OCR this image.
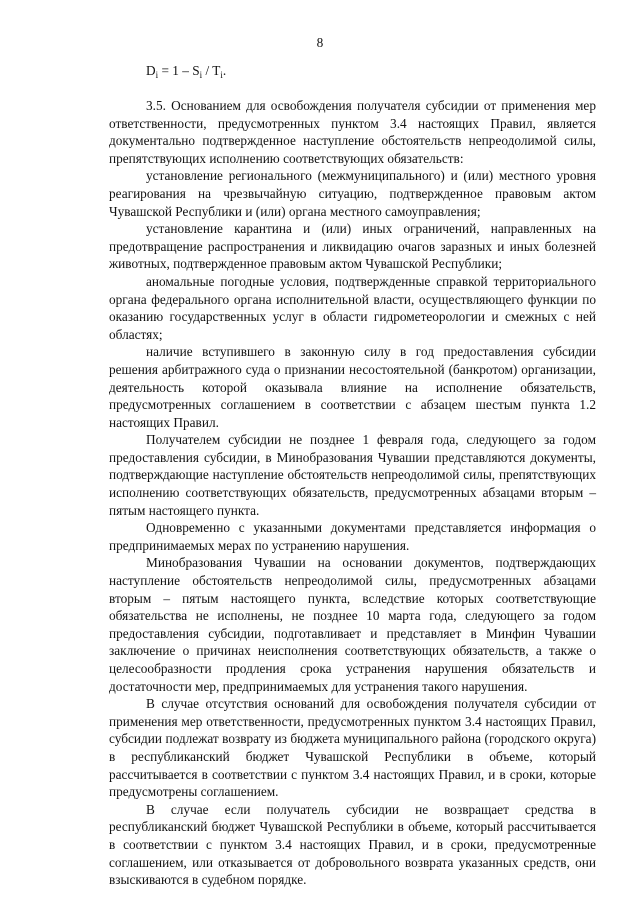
8
$D_i = 1 - S_i / T_i$.

3.5. Основанием для освобождения получателя субсидии от применения мер ответственности, предусмотренных пунктом 3.4 настоящих Правил, является документально подтвержденное наступление обстоятельств непреодолимой силы, препятствующих исполнению соответствующих обязательств:

установление регионального (межмуниципального) и (или) местного уровня реагирования на чрезвычайную ситуацию, подтвержденное правовым актом Чувашской Республики и (или) органа местного самоуправления;

установление карантина и (или) иных ограничений, направленных на предотвращение распространения и ликвидацию очагов заразных и иных болезней животных, подтвержденное правовым актом Чувашской Республики;

аномальные погодные условия, подтвержденные справкой территориального органа федерального органа исполнительной власти, осуществляющего функции по оказанию государственных услуг в области гидрометеорологии и смежных с ней областях;

наличие вступившего в законную силу в год предоставления субсидии решения арбитражного суда о признании несостоятельной (банкротом) организации, деятельность которой оказывала влияние на исполнение обязательств, предусмотренных соглашением в соответствии с абзацем шестым пункта 1.2 настоящих Правил.

Получателем субсидии не позднее 1 февраля года, следующего за годом предоставления субсидии, в Минобразования Чувашии представляются документы, подтверждающие наступление обстоятельств непреодолимой силы, препятствующих исполнению соответствующих обязательств, предусмотренных абзацами вторым – пятым настоящего пункта.

Одновременно с указанными документами представляется информация о предпринимаемых мерах по устранению нарушения.

Минобразования Чувашии на основании документов, подтверждающих наступление обстоятельств непреодолимой силы, предусмотренных абзацами вторым – пятым настоящего пункта, вследствие которых соответствующие обязательства не исполнены, не позднее 10 марта года, следующего за годом предоставления субсидии, подготавливает и представляет в Минфин Чувашии заключение о причинах неисполнения соответствующих обязательств, а также о целесообразности продления срока устранения нарушения обязательств и достаточности мер, предпринимаемых для устранения такого нарушения.

В случае отсутствия оснований для освобождения получателя субсидии от применения мер ответственности, предусмотренных пунктом 3.4 настоящих Правил, субсидии подлежат возврату из бюджета муниципального района (городского округа) в республиканский бюджет Чувашской Республики в объеме, который рассчитывается в соответствии с пунктом 3.4 настоящих Правил, и в сроки, которые предусмотрены соглашением.

В случае если получатель субсидии не возвращает средства в республиканский бюджет Чувашской Республики в объеме, который рассчитывается в соответствии с пунктом 3.4 настоящих Правил, и в сроки, предусмотренные соглашением, или отказывается от добровольного возврата указанных средств, они взыскиваются в судебном порядке.
